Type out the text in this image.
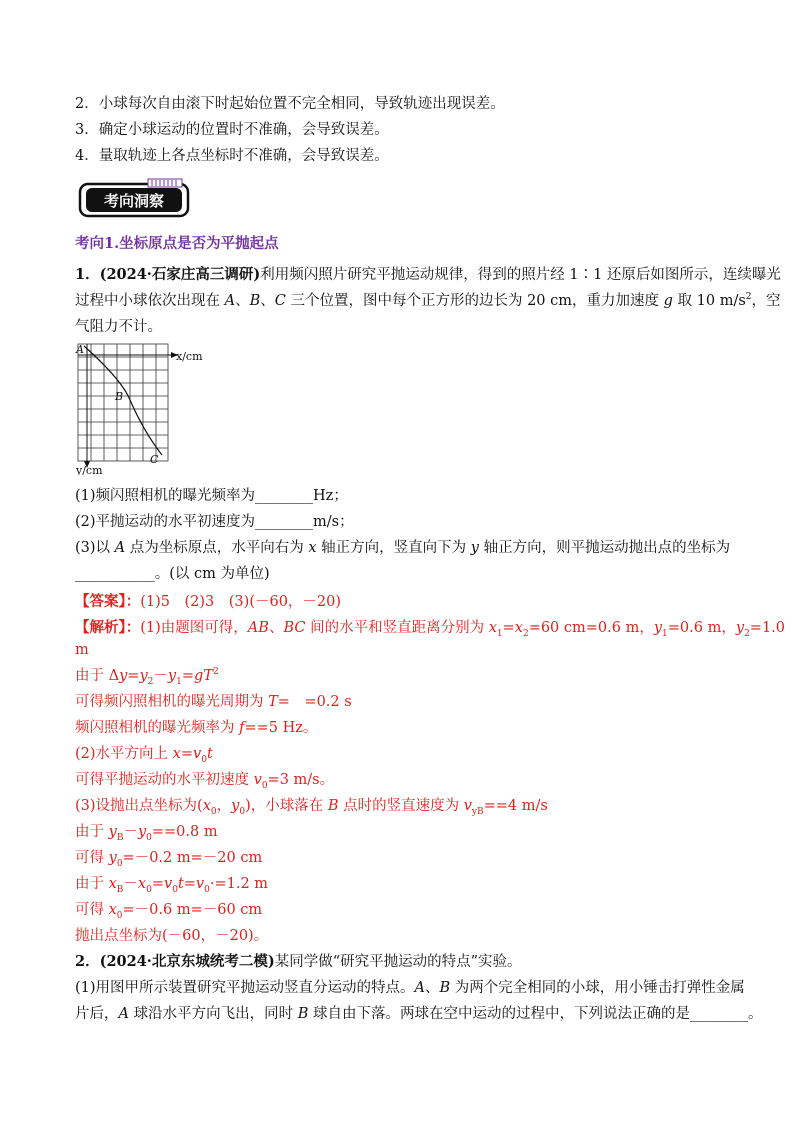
2．小球每次自由滚下时起始位置不完全相同，导致轨迹出现误差。
3．确定小球运动的位置时不准确，会导致误差。
4．量取轨迹上各点坐标时不准确，会导致误差。
考向洞察
考向1.坐标原点是否为平抛起点
1．(2024·石家庄高三调研)利用频闪照片研究平抛运动规律，得到的照片经 1∶1 还原后如图所示，连续曝光
过程中小球依次出现在 A、B、C 三个位置，图中每个正方形的边长为 20 cm，重力加速度 g 取 10 $m/s^2$，空
气阻力不计。
A
B
C
x/cm
y/cm
(1)频闪照相机的曝光频率为________Hz；
(2)平抛运动的水平初速度为________m/s；
(3)以 A 点为坐标原点，水平向右为 x 轴正方向，竖直向下为 y 轴正方向，则平抛运动抛出点的坐标为
___________。(以 cm 为单位)
【答案】：(1)5　(2)3　(3)(－60，－20)
【解析】：(1)由题图可得，AB、BC 间的水平和竖直距离分别为 $x_1=x_2=60$ cm=0.6 m，$y_1=0.6$ m，$y_2=1.0$
m
由于 $\Delta y=y_2-y_1=gT^2$
可得频闪照相机的曝光周期为 T=　=0.2 s
频闪照相机的曝光频率为 f==5 Hz。
(2)水平方向上 $x=v_0t$
可得平抛运动的水平初速度 $v_0=3$ m/s。
(3)设抛出点坐标为($x_0$，$y_0$)，小球落在 B 点时的竖直速度为 $v_{yB}==4$ m/s
由于 $y_B-y_0==0.8$ m
可得 $y_0=-0.2$ m=－20 cm
由于 $x_B-x_0=v_0t=v_0\cdot=1.2$ m
可得 $x_0=-0.6$ m=－60 cm
抛出点坐标为(－60，－20)。
2．(2024·北京东城统考二模)某同学做“研究平抛运动的特点”实验。
(1)用图甲所示装置研究平抛运动竖直分运动的特点。A、B 为两个完全相同的小球，用小锤击打弹性金属
片后，A 球沿水平方向飞出，同时 B 球自由下落。两球在空中运动的过程中，下列说法正确的是________。
